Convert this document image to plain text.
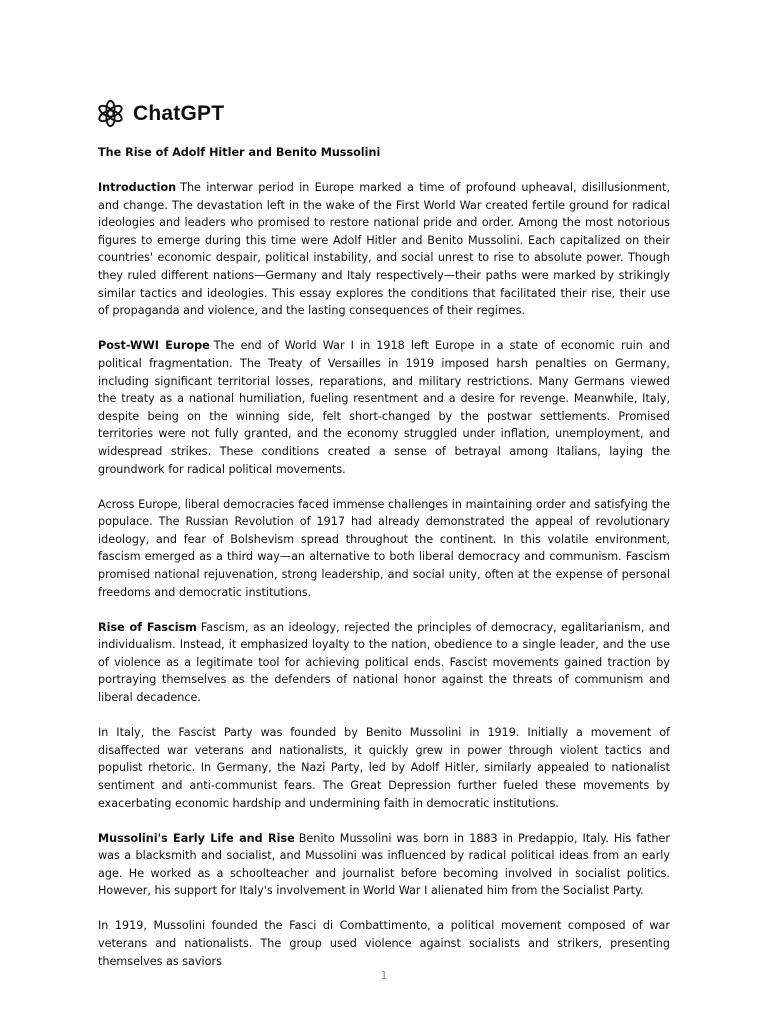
ChatGPT
The Rise of Adolf Hitler and Benito Mussolini

Introduction The interwar period in Europe marked a time of profound upheaval, disillusionment, and change. The devastation left in the wake of the First World War created fertile ground for radical ideologies and leaders who promised to restore national pride and order. Among the most notorious figures to emerge during this time were Adolf Hitler and Benito Mussolini. Each capitalized on their countries' economic despair, political instability, and social unrest to rise to absolute power. Though they ruled different nations—Germany and Italy respectively—their paths were marked by strikingly similar tactics and ideologies. This essay explores the conditions that facilitated their rise, their use of propaganda and violence, and the lasting consequences of their regimes.

Post-WWI Europe The end of World War I in 1918 left Europe in a state of economic ruin and political fragmentation. The Treaty of Versailles in 1919 imposed harsh penalties on Germany, including significant territorial losses, reparations, and military restrictions. Many Germans viewed the treaty as a national humiliation, fueling resentment and a desire for revenge. Meanwhile, Italy, despite being on the winning side, felt short-changed by the postwar settlements. Promised territories were not fully granted, and the economy struggled under inflation, unemployment, and widespread strikes. These conditions created a sense of betrayal among Italians, laying the groundwork for radical political movements.

Across Europe, liberal democracies faced immense challenges in maintaining order and satisfying the populace. The Russian Revolution of 1917 had already demonstrated the appeal of revolutionary ideology, and fear of Bolshevism spread throughout the continent. In this volatile environment, fascism emerged as a third way—an alternative to both liberal democracy and communism. Fascism promised national rejuvenation, strong leadership, and social unity, often at the expense of personal freedoms and democratic institutions.

Rise of Fascism Fascism, as an ideology, rejected the principles of democracy, egalitarianism, and individualism. Instead, it emphasized loyalty to the nation, obedience to a single leader, and the use of violence as a legitimate tool for achieving political ends. Fascist movements gained traction by portraying themselves as the defenders of national honor against the threats of communism and liberal decadence.

In Italy, the Fascist Party was founded by Benito Mussolini in 1919. Initially a movement of disaffected war veterans and nationalists, it quickly grew in power through violent tactics and populist rhetoric. In Germany, the Nazi Party, led by Adolf Hitler, similarly appealed to nationalist sentiment and anti-communist fears. The Great Depression further fueled these movements by exacerbating economic hardship and undermining faith in democratic institutions.

Mussolini's Early Life and Rise Benito Mussolini was born in 1883 in Predappio, Italy. His father was a blacksmith and socialist, and Mussolini was influenced by radical political ideas from an early age. He worked as a schoolteacher and journalist before becoming involved in socialist politics. However, his support for Italy's involvement in World War I alienated him from the Socialist Party.

In 1919, Mussolini founded the Fasci di Combattimento, a political movement composed of war veterans and nationalists. The group used violence against socialists and strikers, presenting themselves as saviors

1
